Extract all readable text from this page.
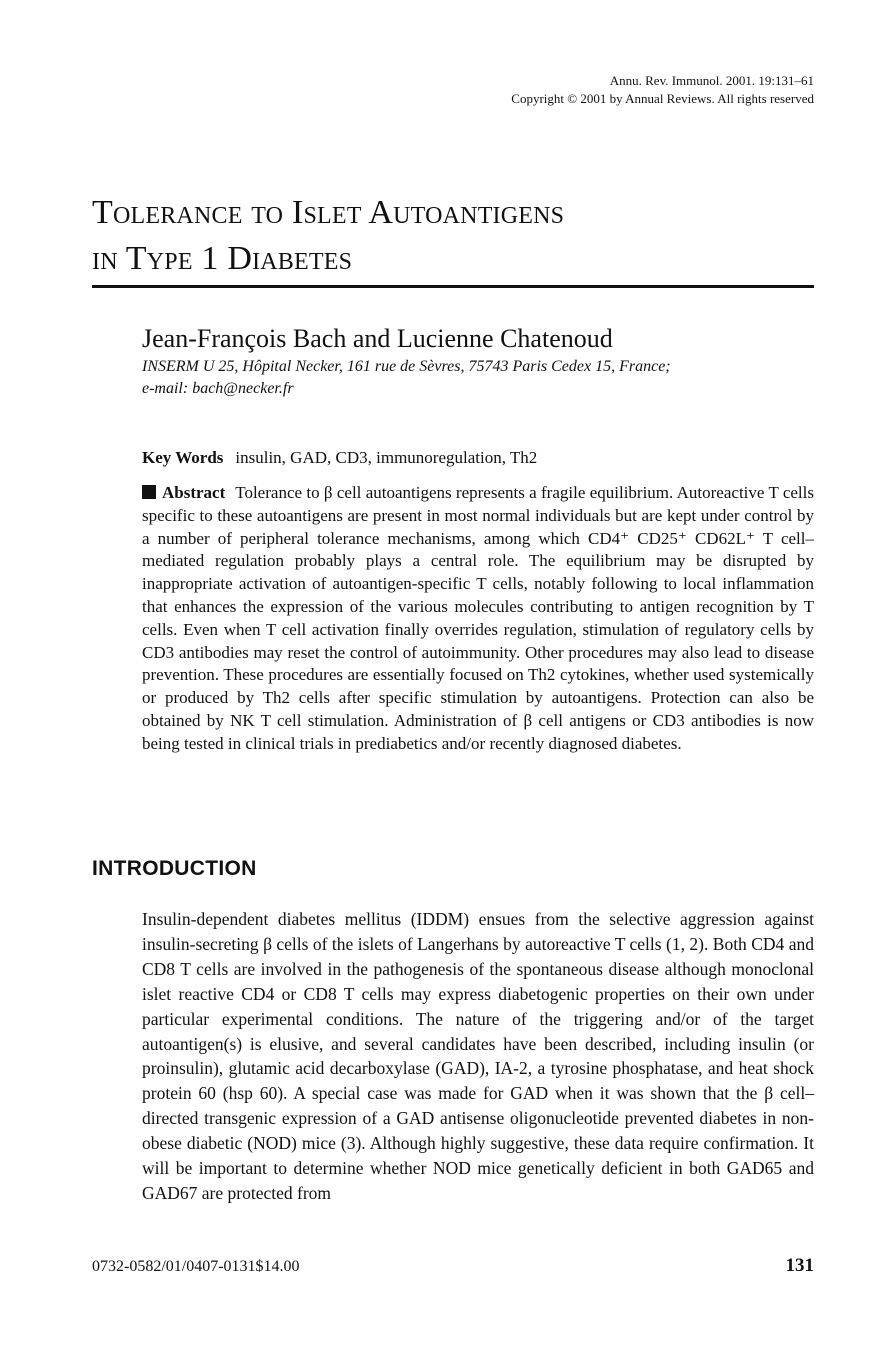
Annu. Rev. Immunol. 2001. 19:131–61
Copyright © 2001 by Annual Reviews. All rights reserved
Tolerance to Islet Autoantigens
in Type 1 Diabetes
Jean-François Bach and Lucienne Chatenoud
INSERM U 25, Hôpital Necker, 161 rue de Sèvres, 75743 Paris Cedex 15, France;
e-mail: bach@necker.fr
Key Words insulin, GAD, CD3, immunoregulation, Th2
Abstract Tolerance to β cell autoantigens represents a fragile equilibrium. Autoreactive T cells specific to these autoantigens are present in most normal individuals but are kept under control by a number of peripheral tolerance mechanisms, among which CD4⁺ CD25⁺ CD62L⁺ T cell–mediated regulation probably plays a central role. The equilibrium may be disrupted by inappropriate activation of autoantigen-specific T cells, notably following to local inflammation that enhances the expression of the various molecules contributing to antigen recognition by T cells. Even when T cell activation finally overrides regulation, stimulation of regulatory cells by CD3 antibodies may reset the control of autoimmunity. Other procedures may also lead to disease prevention. These procedures are essentially focused on Th2 cytokines, whether used systemically or produced by Th2 cells after specific stimulation by autoantigens. Protection can also be obtained by NK T cell stimulation. Administration of β cell antigens or CD3 antibodies is now being tested in clinical trials in prediabetics and/or recently diagnosed diabetes.
INTRODUCTION
Insulin-dependent diabetes mellitus (IDDM) ensues from the selective aggression against insulin-secreting β cells of the islets of Langerhans by autoreactive T cells (1, 2). Both CD4 and CD8 T cells are involved in the pathogenesis of the spontaneous disease although monoclonal islet reactive CD4 or CD8 T cells may express diabetogenic properties on their own under particular experimental conditions. The nature of the triggering and/or of the target autoantigen(s) is elusive, and several candidates have been described, including insulin (or proinsulin), glutamic acid decarboxylase (GAD), IA-2, a tyrosine phosphatase, and heat shock protein 60 (hsp 60). A special case was made for GAD when it was shown that the β cell–directed transgenic expression of a GAD antisense oligonucleotide prevented diabetes in non-obese diabetic (NOD) mice (3). Although highly suggestive, these data require confirmation. It will be important to determine whether NOD mice genetically deficient in both GAD65 and GAD67 are protected from
0732-0582/01/0407-0131$14.00	131
